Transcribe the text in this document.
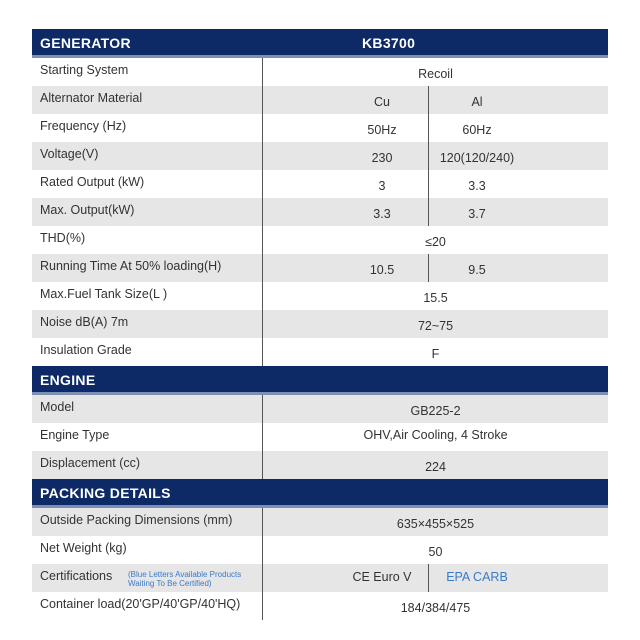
GENERATOR	KB3700
Starting System	Recoil
Alternator Material	Cu	Al
Frequency (Hz)	50Hz	60Hz
Voltage(V)	230	120(120/240)
Rated Output (kW)	3	3.3
Max. Output(kW)	3.3	3.7
THD(%)	≤20
Running Time At 50% loading(H)	10.5	9.5
Max.Fuel Tank Size(L )	15.5
Noise dB(A) 7m	72~75
Insulation Grade	F
ENGINE
Model	GB225-2
Engine Type	OHV,Air Cooling, 4 Stroke
Displacement (cc)	224
PACKING DETAILS
Outside Packing Dimensions (mm)	635×455×525
Net Weight (kg)	50
Certifications (Blue Letters Available Products
Waiting To Be Certified)	CE Euro V	EPA CARB
Container load(20'GP/40'GP/40'HQ)	184/384/475
